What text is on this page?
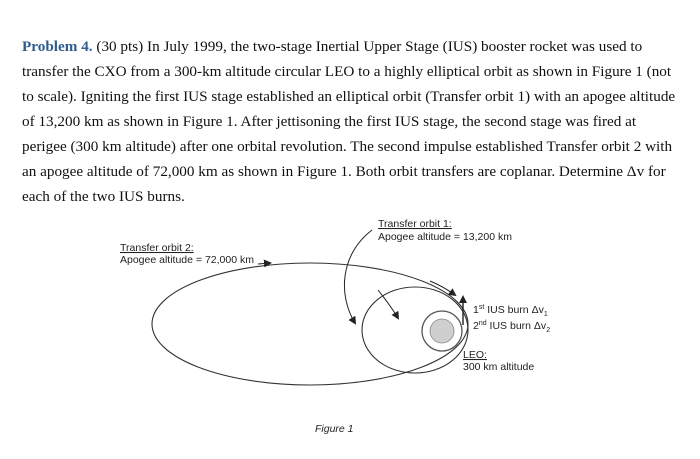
Problem 4. (30 pts) In July 1999, the two-stage Inertial Upper Stage (IUS) booster rocket was used to transfer the CXO from a 300-km altitude circular LEO to a highly elliptical orbit as shown in Figure 1 (not to scale). Igniting the first IUS stage established an elliptical orbit (Transfer orbit 1) with an apogee altitude of 13,200 km as shown in Figure 1. After jettisoning the first IUS stage, the second stage was fired at perigee (300 km altitude) after one orbital revolution. The second impulse established Transfer orbit 2 with an apogee altitude of 72,000 km as shown in Figure 1. Both orbit transfers are coplanar. Determine Δv for each of the two IUS burns.
Transfer orbit 1:
Apogee altitude = 13,200 km
Transfer orbit 2:
Apogee altitude = 72,000 km
1st IUS burn $\Delta v_1$
2nd IUS burn $\Delta v_2$
LEO:
300 km altitude
Figure 1
